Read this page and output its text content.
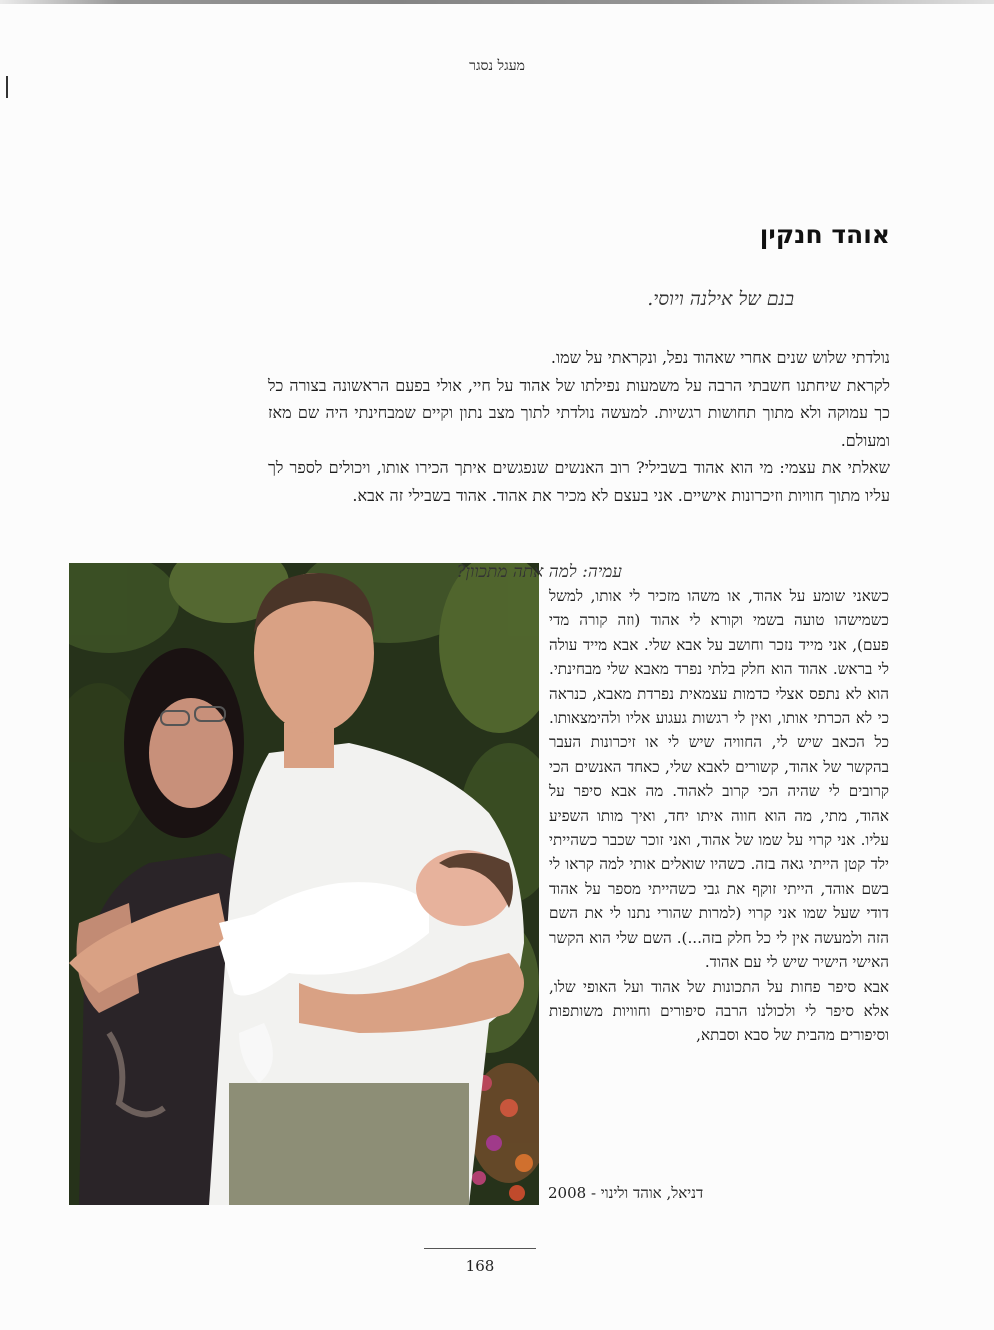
מעגל נסגר
אוהד חנקין
בנם של אילנה ויוסי.

נולדתי שלוש שנים אחרי שאהוד נפל, ונקראתי על שמו.

לקראת שיחתנו חשבתי הרבה על משמעות נפילתו של אהוד על חיי, אולי בפעם הראשונה בצורה כל כך עמוקה ולא מתוך תחושות רגשיות. למעשה נולדתי לתוך מצב נתון וקיים שמבחינתי היה שם מאז ומעולם.

שאלתי את עצמי: מי הוא אהוד בשבילי? רוב האנשים שנפגשים איתך הכירו אותו, ויכולים לספר לך עליו מתוך חוויות וזיכרונות אישיים. אני בעצם לא מכיר את אהוד. אהוד בשבילי זה אבא.

עמיה: למה אתה מתכוון?

כשאני שומע על אהוד, או משהו מזכיר לי אותו, למשל כשמישהו טועה בשמי וקורא לי אהוד (וזה קורה מדי פעם), אני מייד נזכר וחושב על אבא שלי. אבא מייד עולה לי בראש. אהוד הוא חלק בלתי נפרד מאבא שלי מבחינתי. הוא לא נתפס אצלי כדמות עצמאית נפרדת מאבא, כנראה כי לא הכרתי אותו, ואין לי רגשות געגוע אליו ולהימצאותו. כל הכאב שיש לי, החוויה שיש לי או זיכרונות העבר בהקשר של אהוד, קשורים לאבא שלי, כאחד האנשים הכי קרובים לי שהיה הכי קרוב לאהוד. מה אבא סיפר על אהוד, מתי, מה הוא חווה איתו יחד, ואיך מותו השפיע עליו. אני קרוי על שמו של אהוד, ואני זוכר שכבר כשהייתי ילד קטן הייתי גאה בזה. כשהיו שואלים אותי למה קראו לי בשם אוהד, הייתי זוקף את גבי כשהייתי מספר על אהוד דודי שעל שמו אני קרוי (למרות שהורי נתנו לי את השם הזה ולמעשה אין לי כל חלק בזה...). השם שלי הוא הקשר האישי הישיר שיש לי עם אהוד.

אבא סיפר פחות על התכונות של אהוד ועל האופי שלו, אלא סיפר לי ולכולנו הרבה סיפורים וחוויות משותפות וסיפורים מהבית של סבא וסבתא,

דניאל, אוהד ולינוי - 2008
168
